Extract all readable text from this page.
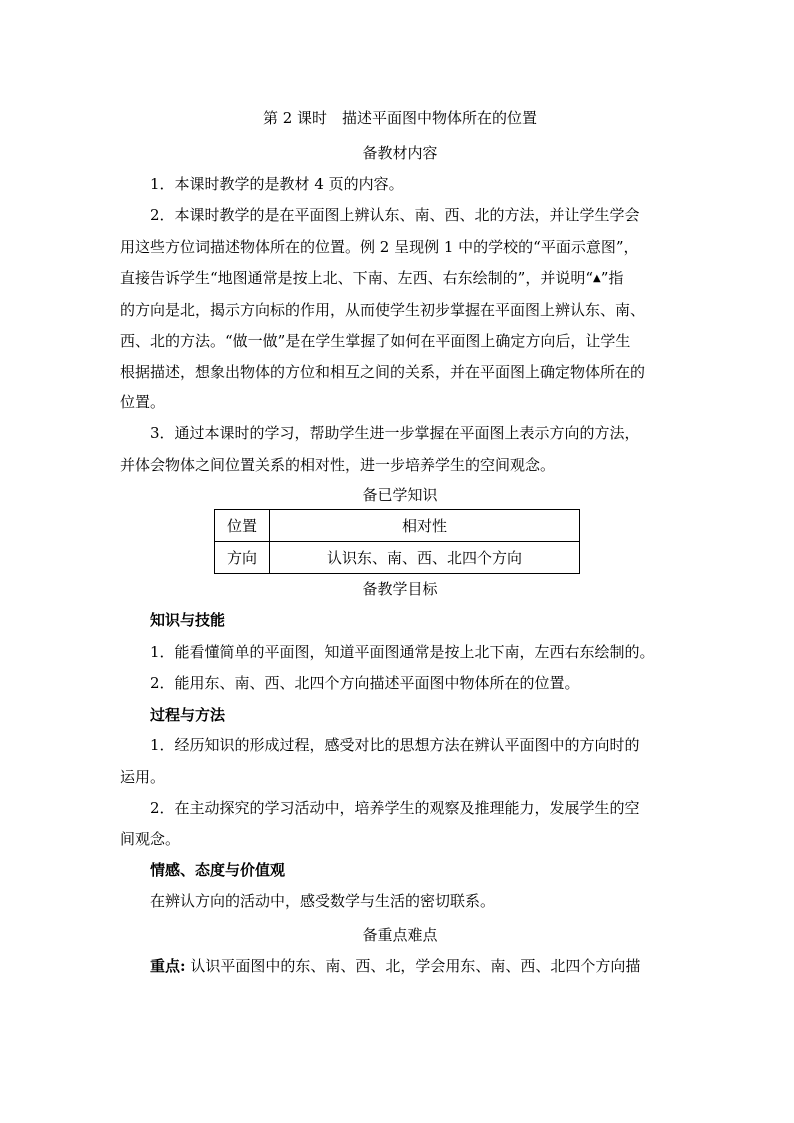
第 2 课时　描述平面图中物体所在的位置
备教材内容
1．本课时教学的是教材 4 页的内容。
2．本课时教学的是在平面图上辨认东、南、西、北的方法，并让学生学会
用这些方位词描述物体所在的位置。例 2 呈现例 1 中的学校的“平面示意图”，
直接告诉学生“地图通常是按上北、下南、左西、右东绘制的”，并说明“▲”指
的方向是北，揭示方向标的作用，从而使学生初步掌握在平面图上辨认东、南、
西、北的方法。“做一做”是在学生掌握了如何在平面图上确定方向后，让学生
根据描述，想象出物体的方位和相互之间的关系，并在平面图上确定物体所在的
位置。
3．通过本课时的学习，帮助学生进一步掌握在平面图上表示方向的方法，
并体会物体之间位置关系的相对性，进一步培养学生的空间观念。
备已学知识
位置	相对性
方向	认识东、南、西、北四个方向
备教学目标
知识与技能
1．能看懂简单的平面图，知道平面图通常是按上北下南，左西右东绘制的。
2．能用东、南、西、北四个方向描述平面图中物体所在的位置。
过程与方法
1．经历知识的形成过程，感受对比的思想方法在辨认平面图中的方向时的
运用。
2．在主动探究的学习活动中，培养学生的观察及推理能力，发展学生的空
间观念。
情感、态度与价值观
在辨认方向的活动中，感受数学与生活的密切联系。
备重点难点
重点: 认识平面图中的东、南、西、北，学会用东、南、西、北四个方向描
